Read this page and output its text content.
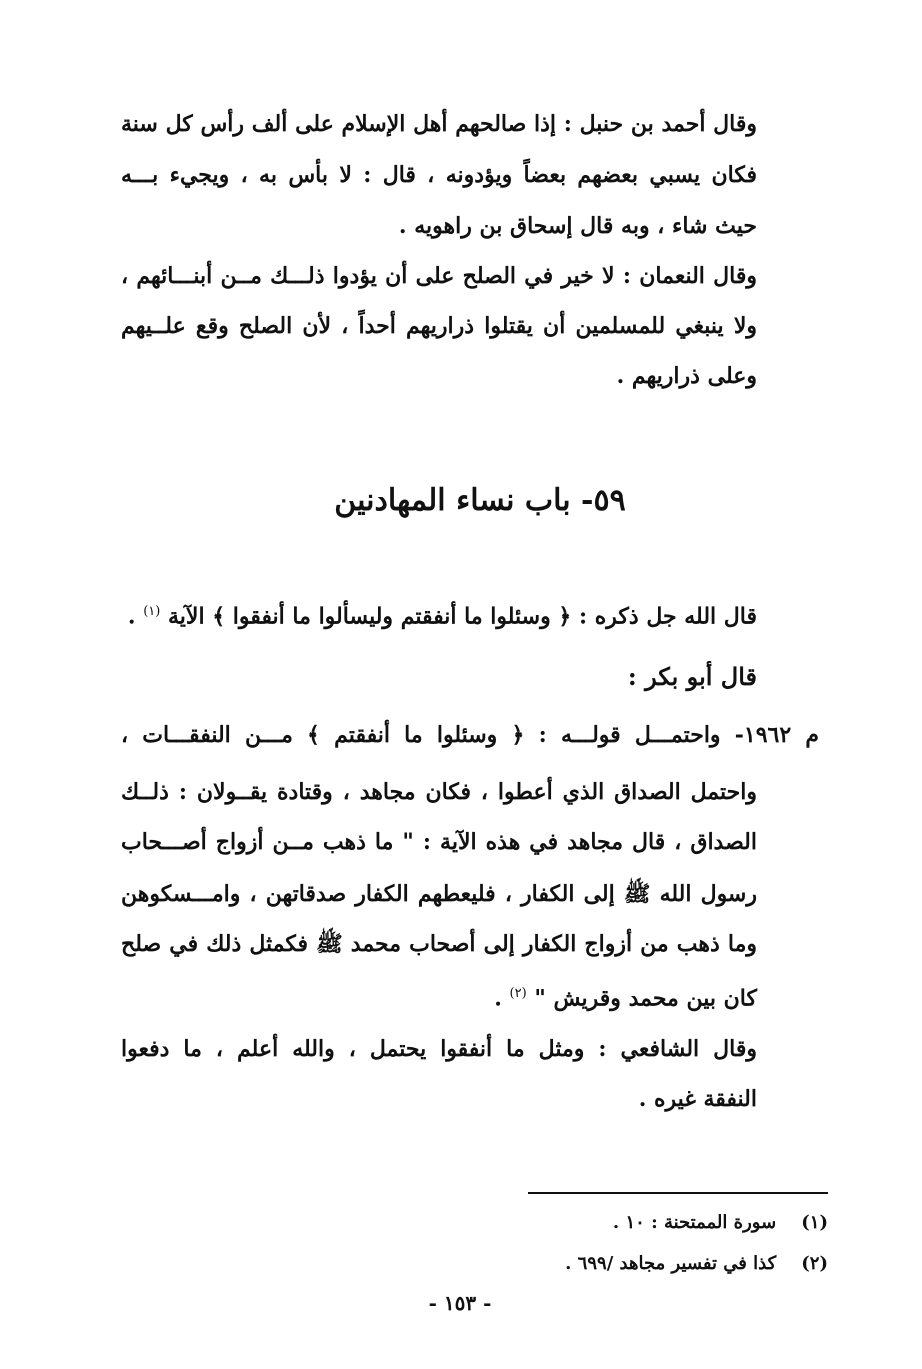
وقال أحمد بن حنبل : إذا صالحهم أهل الإسلام على ألف رأس كل سنة
فكان يسبي بعضهم بعضاً ويؤدونه ، قال : لا بأس به ، ويجيء بـــه
حيث شاء ، وبه قال إسحاق بن راهويه .
وقال النعمان : لا خير في الصلح على أن يؤدوا ذلـــك مــن أبنـــائهم ،
ولا ينبغي للمسلمين أن يقتلوا ذراريهم أحداً ، لأن الصلح وقع علــيهم
وعلى ذراريهم .
٥٩- باب نساء المهادنين
قال الله جل ذكره : ﴿ وسئلوا ما أنفقتم وليسألوا ما أنفقوا ﴾ الآية $^{(١)}$ .
قال أبو بكر :
م ١٩٦٢- واحتمـــل قولـــه : ﴿ وسئلوا ما أنفقتم ﴾ مـــن النفقـــات ،
واحتمل الصداق الذي أعطوا ، فكان مجاهد ، وقتادة يقــولان : ذلــك
الصداق ، قال مجاهد في هذه الآية : " ما ذهب مــن أزواج أصـــحاب
رسول الله ﷺ إلى الكفار ، فليعطهم الكفار صدقاتهن ، وامـــسكوهن
وما ذهب من أزواج الكفار إلى أصحاب محمد ﷺ فكمثل ذلك في صلح
كان بين محمد وقريش " $^{(٢)}$ .
وقال الشافعي : ومثل ما أنفقوا يحتمل ، والله أعلم ، ما دفعوا
النفقة غيره .
(١)    سورة الممتحنة : ١٠ .
(٢)    كذا في تفسير مجاهد /٦٩٩ .
- ١٥٣ -
